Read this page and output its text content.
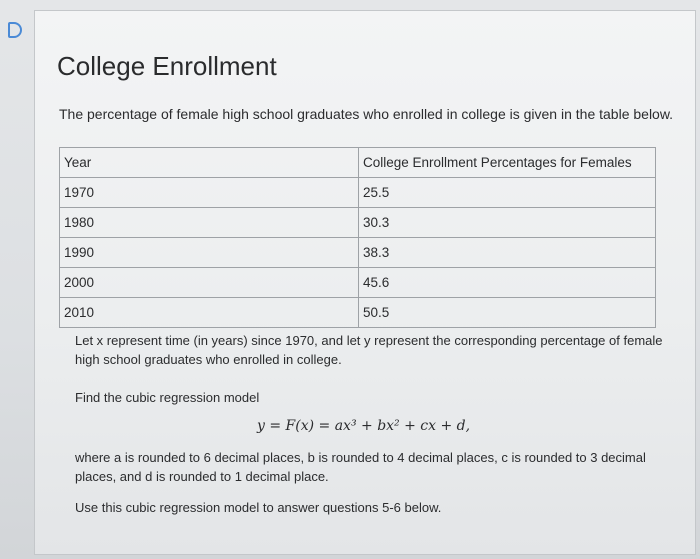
College Enrollment
The percentage of female high school graduates who enrolled in college is given in the table below.
Year	College Enrollment Percentages for Females
1970	25.5
1980	30.3
1990	38.3
2000	45.6
2010	50.5
Let x represent time (in years) since 1970, and let y represent the corresponding percentage of female high school graduates who enrolled in college.
Find the cubic regression model
y = F(x) = ax³ + bx² + cx + d,
where a is rounded to 6 decimal places, b is rounded to 4 decimal places, c is rounded to 3 decimal places, and d is rounded to 1 decimal place.
Use this cubic regression model to answer questions 5-6 below.
